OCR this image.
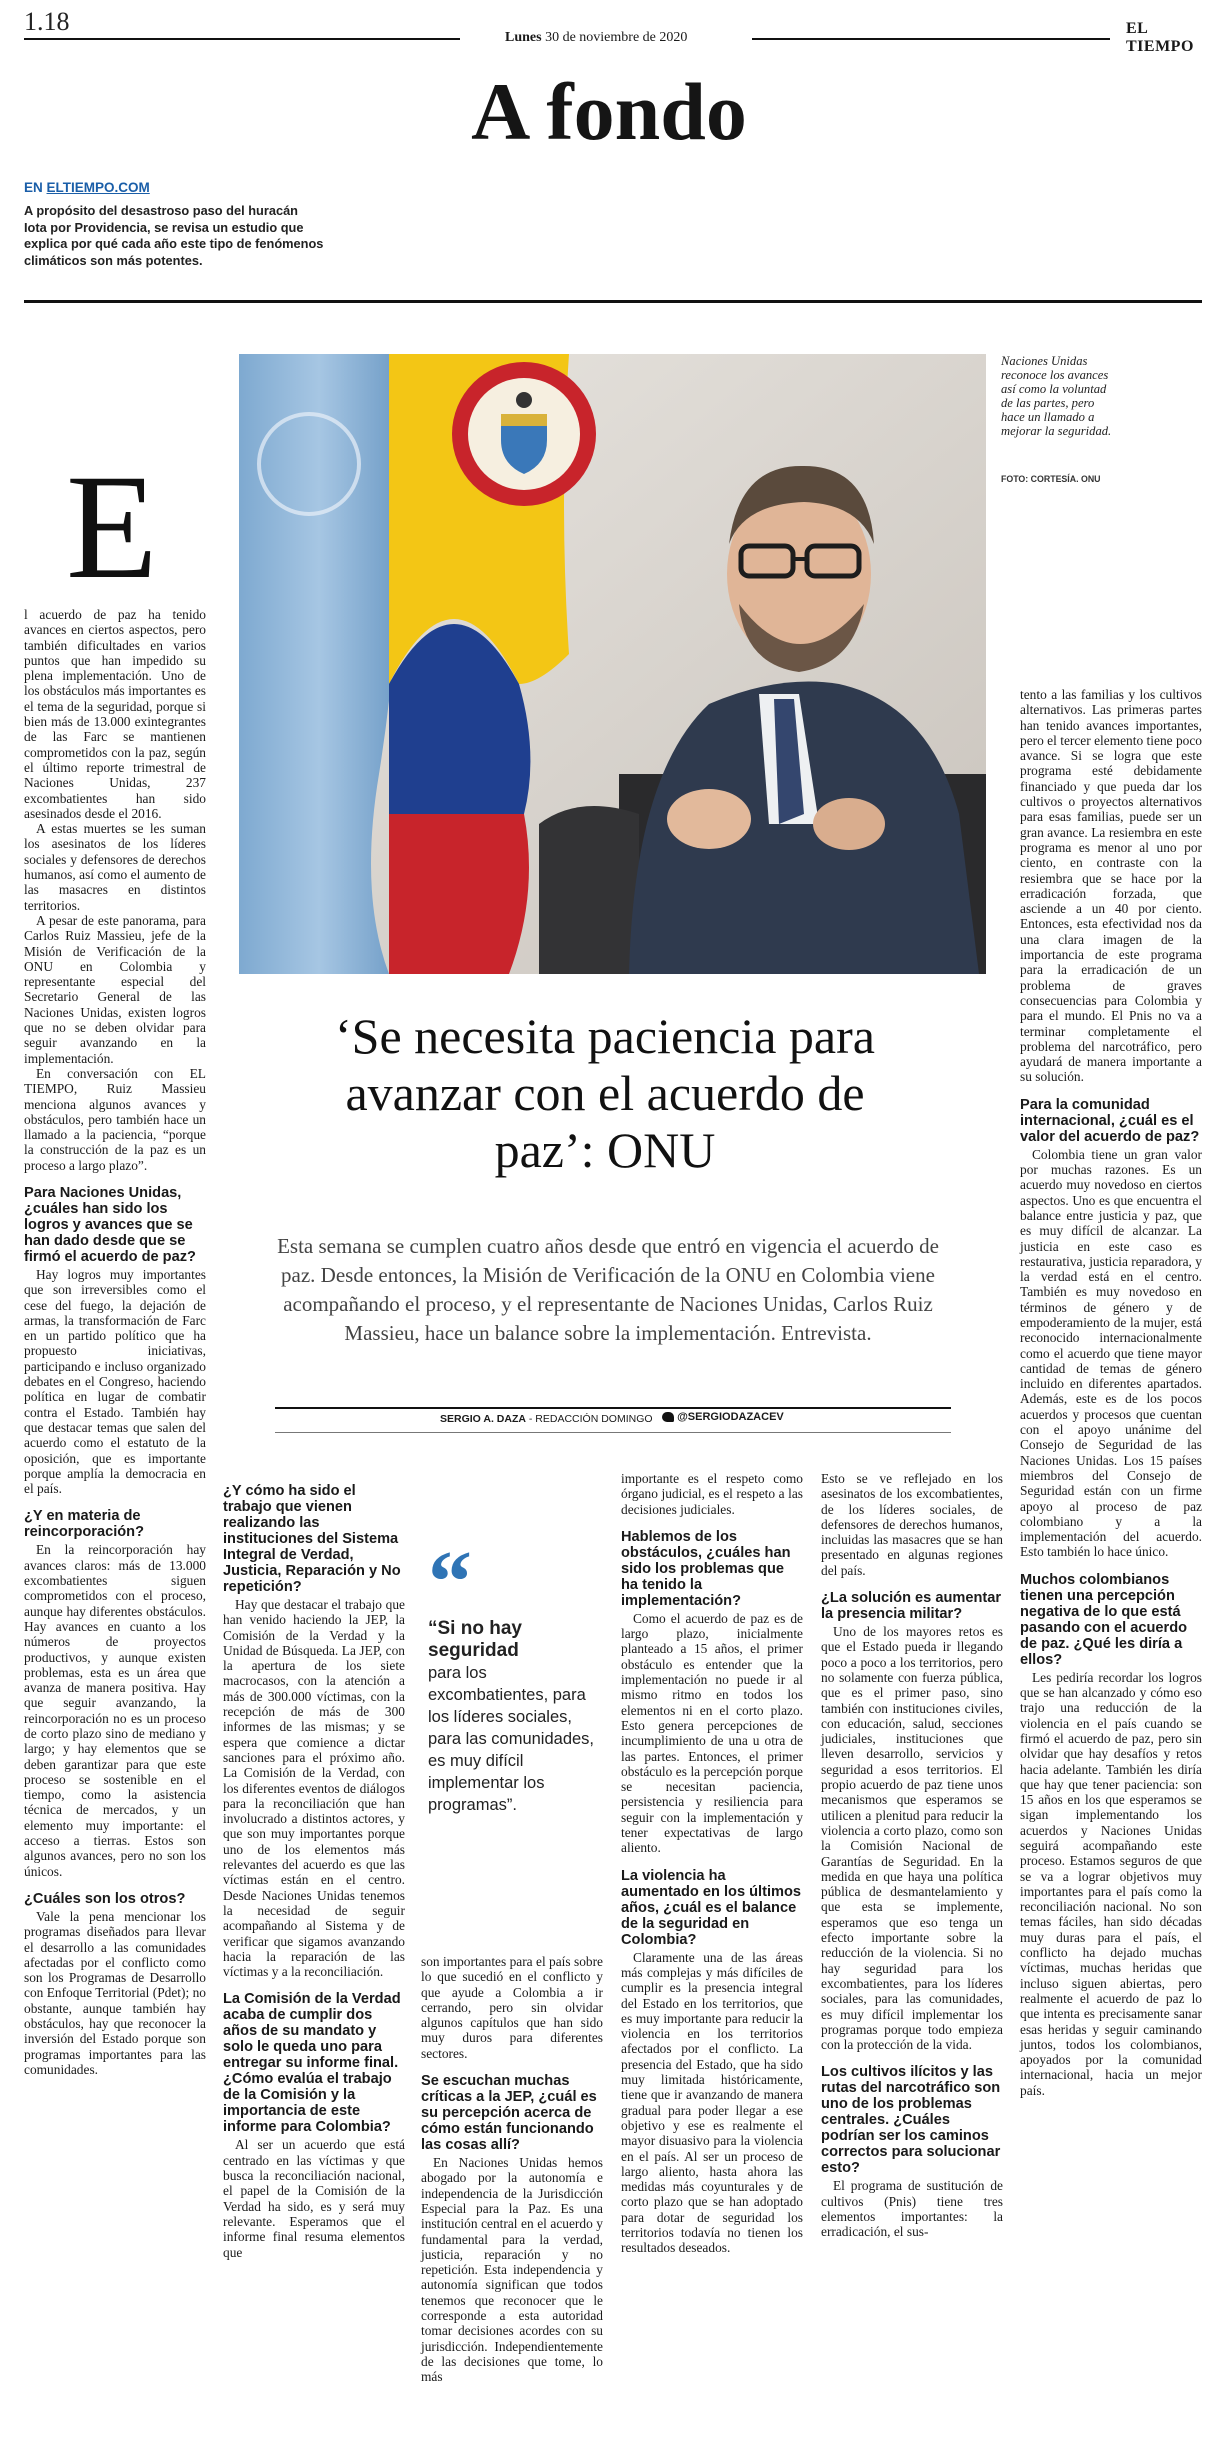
1.18
Lunes 30 de noviembre de 2020
EL TIEMPO
A fondo
EN ELTIEMPO.COM
A propósito del desastroso paso del huracán Iota por Providencia, se revisa un estudio que explica por qué cada año este tipo de fenómenos climáticos son más potentes.
Naciones Unidas reconoce los avances así como la voluntad de las partes, pero hace un llamado a mejorar la seguridad.
FOTO: CORTESÍA. ONU
E
‘Se necesita paciencia para avanzar con el acuerdo de paz’: ONU
Esta semana se cumplen cuatro años desde que entró en vigencia el acuerdo de paz. Desde entonces, la Misión de Verificación de la ONU en Colombia viene acompañando el proceso, y el representante de Naciones Unidas, Carlos Ruiz Massieu, hace un balance sobre la implementación. Entrevista.
SERGIO A. DAZA - REDACCIÓN DOMINGO	@SERGIODAZACEV
“
“Si no hay seguridad
para los excombatientes, para los líderes sociales, para las comunidades, es muy difícil implementar los programas”.

l acuerdo de paz ha tenido avances en ciertos aspectos, pero también dificultades en varios puntos que han impedido su plena implementación. Uno de los obstáculos más importantes es el tema de la seguridad, porque si bien más de 13.000 exintegrantes de las Farc se mantienen comprometidos con la paz, según el último reporte trimestral de Naciones Unidas, 237 excombatientes han sido asesinados desde el 2016.

A estas muertes se les suman los asesinatos de los líderes sociales y defensores de derechos humanos, así como el aumento de las masacres en distintos territorios.

A pesar de este panorama, para Carlos Ruiz Massieu, jefe de la Misión de Verificación de la ONU en Colombia y representante especial del Secretario General de las Naciones Unidas, existen logros que no se deben olvidar para seguir avanzando en la implementación.

En conversación con EL TIEMPO, Ruiz Massieu menciona algunos avances y obstáculos, pero también hace un llamado a la paciencia, “porque la construcción de la paz es un proceso a largo plazo”.

Para Naciones Unidas, ¿cuáles han sido los logros y avances que se han dado desde que se firmó el acuerdo de paz?

Hay logros muy importantes que son irreversibles como el cese del fuego, la dejación de armas, la transformación de Farc en un partido político que ha propuesto iniciativas, participando e incluso organizado debates en el Congreso, haciendo política en lugar de combatir contra el Estado. También hay que destacar temas que salen del acuerdo como el estatuto de la oposición, que es importante porque amplía la democracia en el país.

¿Y en materia de reincorporación?

En la reincorporación hay avances claros: más de 13.000 excombatientes siguen comprometidos con el proceso, aunque hay diferentes obstáculos. Hay avances en cuanto a los números de proyectos productivos, y aunque existen problemas, esta es un área que avanza de manera positiva. Hay que seguir avanzando, la reincorporación no es un proceso de corto plazo sino de mediano y largo; y hay elementos que se deben garantizar para que este proceso se sostenible en el tiempo, como la asistencia técnica de mercados, y un elemento muy importante: el acceso a tierras. Estos son algunos avances, pero no son los únicos.

¿Cuáles son los otros?

Vale la pena mencionar los programas diseñados para llevar el desarrollo a las comunidades afectadas por el conflicto como son los Programas de Desarrollo con Enfoque Territorial (Pdet); no obstante, aunque también hay obstáculos, hay que reconocer la inversión del Estado porque son programas importantes para las comunidades.

¿Y cómo ha sido el trabajo que vienen realizando las instituciones del Sistema Integral de Verdad, Justicia, Reparación y No repetición?

Hay que destacar el trabajo que han venido haciendo la JEP, la Comisión de la Verdad y la Unidad de Búsqueda. La JEP, con la apertura de los siete macrocasos, con la atención a más de 300.000 víctimas, con la recepción de más de 300 informes de las mismas; y se espera que comience a dictar sanciones para el próximo año. La Comisión de la Verdad, con los diferentes eventos de diálogos para la reconciliación que han involucrado a distintos actores, y que son muy importantes porque uno de los elementos más relevantes del acuerdo es que las víctimas están en el centro. Desde Naciones Unidas tenemos la necesidad de seguir acompañando al Sistema y de verificar que sigamos avanzando hacia la reparación de las víctimas y a la reconciliación.

La Comisión de la Verdad acaba de cumplir dos años de su mandato y solo le queda uno para entregar su informe final. ¿Cómo evalúa el trabajo de la Comisión y la importancia de este informe para Colombia?

Al ser un acuerdo que está centrado en las víctimas y que busca la reconciliación nacional, el papel de la Comisión de la Verdad ha sido, es y será muy relevante. Esperamos que el informe final resuma elementos que

son importantes para el país sobre lo que sucedió en el conflicto y que ayude a Colombia a ir cerrando, pero sin olvidar algunos capítulos que han sido muy duros para diferentes sectores.

Se escuchan muchas críticas a la JEP, ¿cuál es su percepción acerca de cómo están funcionando las cosas allí?

En Naciones Unidas hemos abogado por la autonomía e independencia de la Jurisdicción Especial para la Paz. Es una institución central en el acuerdo y fundamental para la verdad, justicia, reparación y no repetición. Esta independencia y autonomía significan que todos tenemos que reconocer que le corresponde a esta autoridad tomar decisiones acordes con su jurisdicción. Independientemente de las decisiones que tome, lo más

importante es el respeto como órgano judicial, es el respeto a las decisiones judiciales.

Hablemos de los obstáculos, ¿cuáles han sido los problemas que ha tenido la implementación?

Como el acuerdo de paz es de largo plazo, inicialmente planteado a 15 años, el primer obstáculo es entender que la implementación no puede ir al mismo ritmo en todos los elementos ni en el corto plazo. Esto genera percepciones de incumplimiento de una u otra de las partes. Entonces, el primer obstáculo es la percepción porque se necesitan paciencia, persistencia y resiliencia para seguir con la implementación y tener expectativas de largo aliento.

La violencia ha aumentado en los últimos años, ¿cuál es el balance de la seguridad en Colombia?

Claramente una de las áreas más complejas y más difíciles de cumplir es la presencia integral del Estado en los territorios, que es muy importante para reducir la violencia en los territorios afectados por el conflicto. La presencia del Estado, que ha sido muy limitada históricamente, tiene que ir avanzando de manera gradual para poder llegar a ese objetivo y ese es realmente el mayor disuasivo para la violencia en el país. Al ser un proceso de largo aliento, hasta ahora las medidas más coyunturales y de corto plazo que se han adoptado para dotar de seguridad los territorios todavía no tienen los resultados deseados.

Esto se ve reflejado en los asesinatos de los excombatientes, de los líderes sociales, de defensores de derechos humanos, incluidas las masacres que se han presentado en algunas regiones del país.

¿La solución es aumentar la presencia militar?

Uno de los mayores retos es que el Estado pueda ir llegando poco a poco a los territorios, pero no solamente con fuerza pública, que es el primer paso, sino también con instituciones civiles, con educación, salud, secciones judiciales, instituciones que lleven desarrollo, servicios y seguridad a esos territorios. El propio acuerdo de paz tiene unos mecanismos que esperamos se utilicen a plenitud para reducir la violencia a corto plazo, como son la Comisión Nacional de Garantías de Seguridad. En la medida en que haya una política pública de desmantelamiento y que esta se implemente, esperamos que eso tenga un efecto importante sobre la reducción de la violencia. Si no hay seguridad para los excombatientes, para los líderes sociales, para las comunidades, es muy difícil implementar los programas porque todo empieza con la protección de la vida.

Los cultivos ilícitos y las rutas del narcotráfico son uno de los problemas centrales. ¿Cuáles podrían ser los caminos correctos para solucionar esto?

El programa de sustitución de cultivos (Pnis) tiene tres elementos importantes: la erradicación, el sus-

tento a las familias y los cultivos alternativos. Las primeras partes han tenido avances importantes, pero el tercer elemento tiene poco avance. Si se logra que este programa esté debidamente financiado y que pueda dar los cultivos o proyectos alternativos para esas familias, puede ser un gran avance. La resiembra en este programa es menor al uno por ciento, en contraste con la resiembra que se hace por la erradicación forzada, que asciende a un 40 por ciento. Entonces, esta efectividad nos da una clara imagen de la importancia de este programa para la erradicación de un problema de graves consecuencias para Colombia y para el mundo. El Pnis no va a terminar completamente el problema del narcotráfico, pero ayudará de manera importante a su solución.

Para la comunidad internacional, ¿cuál es el valor del acuerdo de paz?

Colombia tiene un gran valor por muchas razones. Es un acuerdo muy novedoso en ciertos aspectos. Uno es que encuentra el balance entre justicia y paz, que es muy difícil de alcanzar. La justicia en este caso es restaurativa, justicia reparadora, y la verdad está en el centro. También es muy novedoso en términos de género y de empoderamiento de la mujer, está reconocido internacionalmente como el acuerdo que tiene mayor cantidad de temas de género incluido en diferentes apartados. Además, este es de los pocos acuerdos y procesos que cuentan con el apoyo unánime del Consejo de Seguridad de las Naciones Unidas. Los 15 países miembros del Consejo de Seguridad están con un firme apoyo al proceso de paz colombiano y a la implementación del acuerdo. Esto también lo hace único.

Muchos colombianos tienen una percepción negativa de lo que está pasando con el acuerdo de paz. ¿Qué les diría a ellos?

Les pediría recordar los logros que se han alcanzado y cómo eso trajo una reducción de la violencia en el país cuando se firmó el acuerdo de paz, pero sin olvidar que hay desafíos y retos hacia adelante. También les diría que hay que tener paciencia: son 15 años en los que esperamos se sigan implementando los acuerdos y Naciones Unidas seguirá acompañando este proceso. Estamos seguros de que se va a lograr objetivos muy importantes para el país como la reconciliación nacional. No son temas fáciles, han sido décadas muy duras para el país, el conflicto ha dejado muchas víctimas, muchas heridas que incluso siguen abiertas, pero realmente el acuerdo de paz lo que intenta es precisamente sanar esas heridas y seguir caminando juntos, todos los colombianos, apoyados por la comunidad internacional, hacia un mejor país.
